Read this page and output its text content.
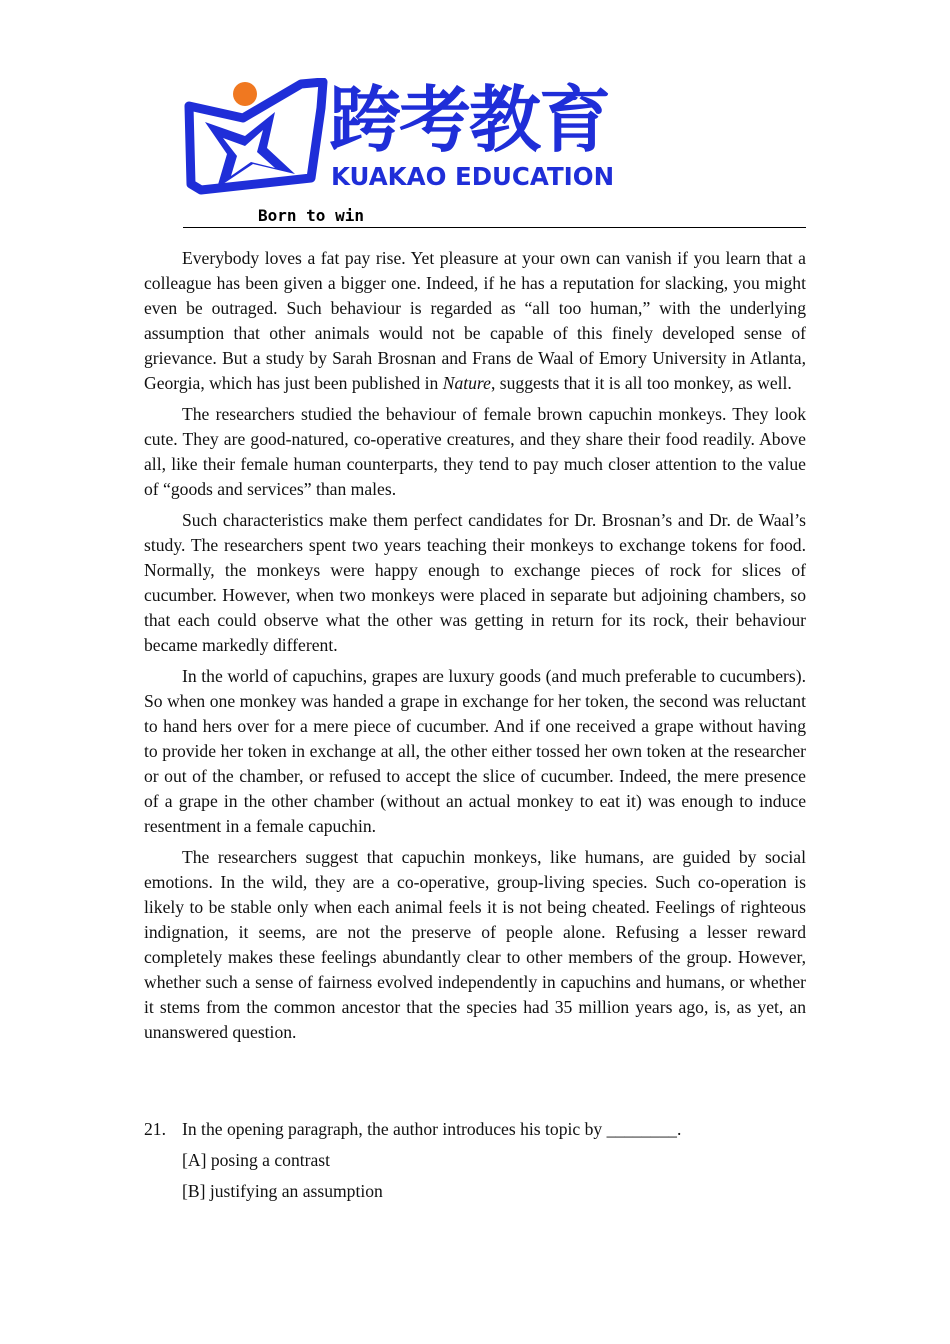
跨考教育
KUAKAO EDUCATION
Born to win

Everybody loves a fat pay rise. Yet pleasure at your own can vanish if you learn that a colleague has been given a bigger one. Indeed, if he has a reputation for slacking, you might even be outraged. Such behaviour is regarded as “all too human,” with the underlying assumption that other animals would not be capable of this finely developed sense of grievance. But a study by Sarah Brosnan and Frans de Waal of Emory University in Atlanta, Georgia, which has just been published in Nature, suggests that it is all too monkey, as well.

The researchers studied the behaviour of female brown capuchin monkeys. They look cute. They are good-natured, co-operative creatures, and they share their food readily. Above all, like their female human counterparts, they tend to pay much closer attention to the value of “goods and services” than males.

Such characteristics make them perfect candidates for Dr. Brosnan’s and Dr. de Waal’s study. The researchers spent two years teaching their monkeys to exchange tokens for food. Normally, the monkeys were happy enough to exchange pieces of rock for slices of cucumber. However, when two monkeys were placed in separate but adjoining chambers, so that each could observe what the other was getting in return for its rock, their behaviour became markedly different.

In the world of capuchins, grapes are luxury goods (and much preferable to cucumbers). So when one monkey was handed a grape in exchange for her token, the second was reluctant to hand hers over for a mere piece of cucumber. And if one received a grape without having to provide her token in exchange at all, the other either tossed her own token at the researcher or out of the chamber, or refused to accept the slice of cucumber. Indeed, the mere presence of a grape in the other chamber (without an actual monkey to eat it) was enough to induce resentment in a female capuchin.

The researchers suggest that capuchin monkeys, like humans, are guided by social emotions. In the wild, they are a co-operative, group-living species. Such co-operation is likely to be stable only when each animal feels it is not being cheated. Feelings of righteous indignation, it seems, are not the preserve of people alone. Refusing a lesser reward completely makes these feelings abundantly clear to other members of the group. However, whether such a sense of fairness evolved independently in capuchins and humans, or whether it stems from the common ancestor that the species had 35 million years ago, is, as yet, an unanswered question.

21. In the opening paragraph, the author introduces his topic by ________.
[A] posing a contrast
[B] justifying an assumption
